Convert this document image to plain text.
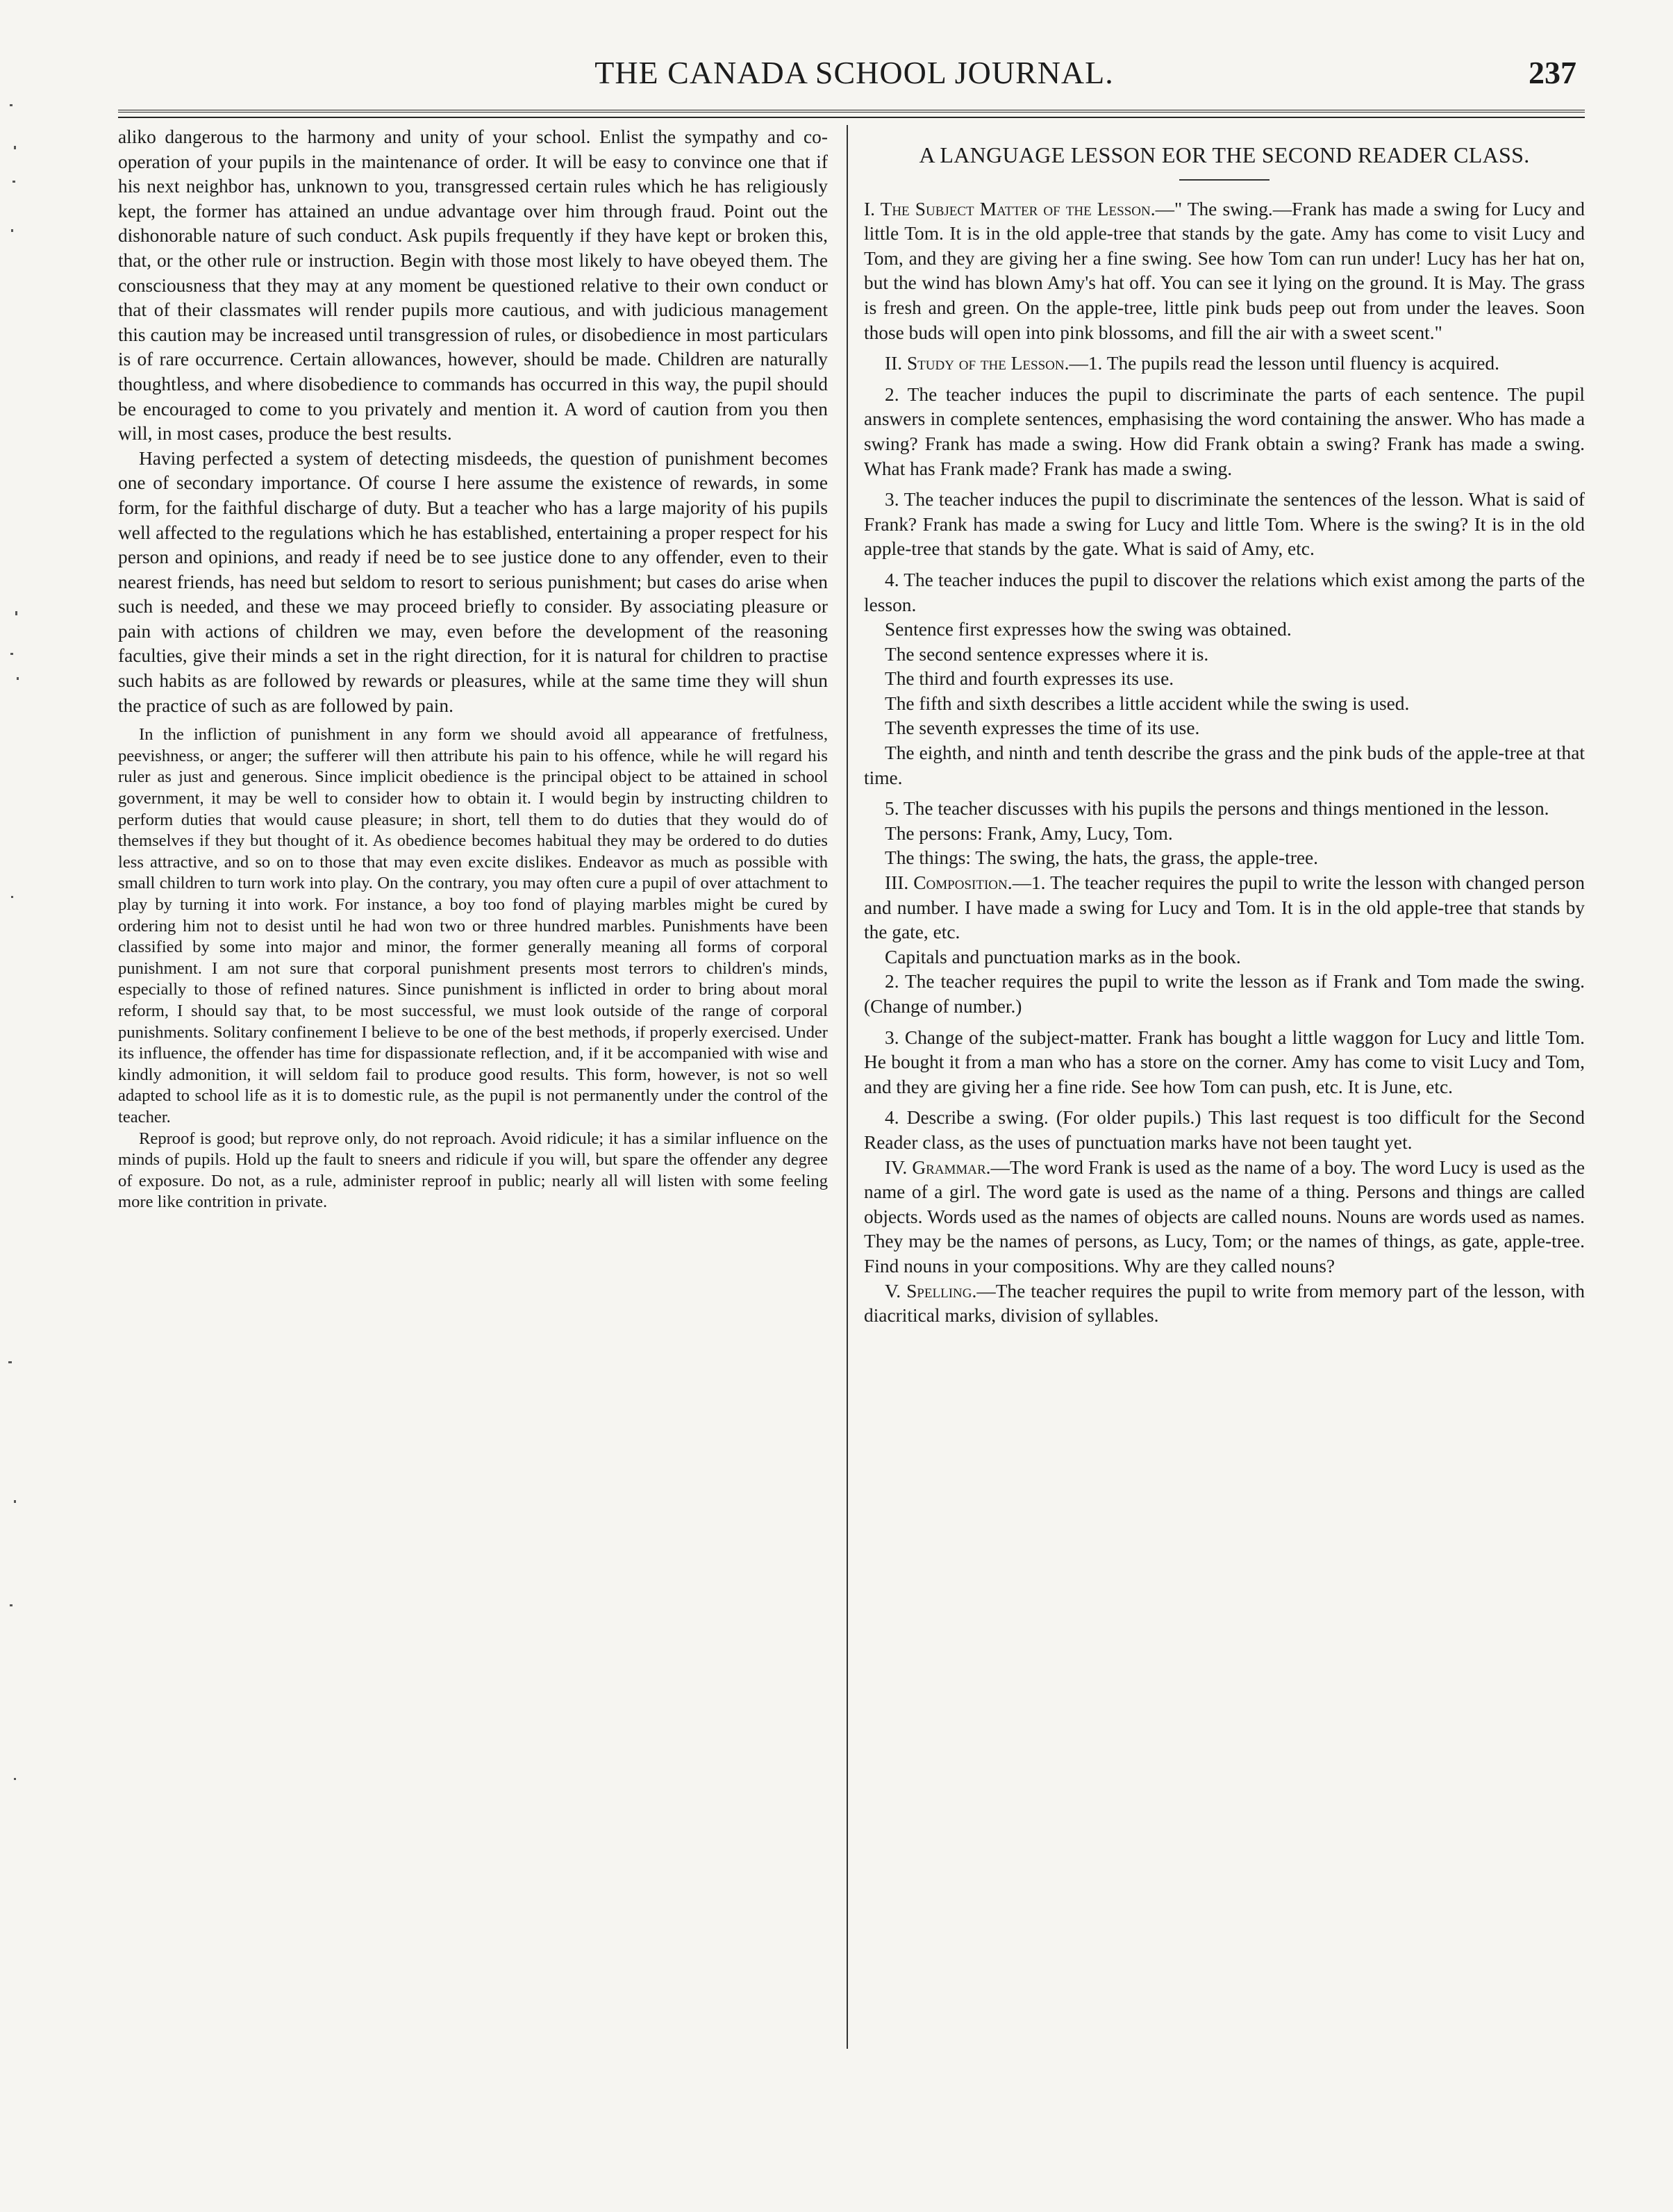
THE CANADA SCHOOL JOURNAL.	237

aliko dangerous to the harmony and unity of your school. Enlist the sympathy and co-operation of your pupils in the maintenance of order. It will be easy to convince one that if his next neighbor has, unknown to you, transgressed certain rules which he has religiously kept, the former has attained an undue advantage over him through fraud. Point out the dishonorable nature of such conduct. Ask pupils frequently if they have kept or broken this, that, or the other rule or instruction. Begin with those most likely to have obeyed them. The consciousness that they may at any moment be questioned relative to their own conduct or that of their classmates will render pupils more cautious, and with judicious management this caution may be increased until transgression of rules, or disobedience in most particulars is of rare occurrence. Certain allowances, however, should be made. Children are naturally thoughtless, and where disobedience to commands has occurred in this way, the pupil should be encouraged to come to you privately and mention it. A word of caution from you then will, in most cases, produce the best results.

Having perfected a system of detecting misdeeds, the question of punishment becomes one of secondary importance. Of course I here assume the existence of rewards, in some form, for the faithful discharge of duty. But a teacher who has a large majority of his pupils well affected to the regulations which he has established, entertaining a proper respect for his person and opinions, and ready if need be to see justice done to any offender, even to their nearest friends, has need but seldom to resort to serious punishment; but cases do arise when such is needed, and these we may proceed briefly to consider. By associating pleasure or pain with actions of children we may, even before the development of the reasoning faculties, give their minds a set in the right direction, for it is natural for children to practise such habits as are followed by rewards or pleasures, while at the same time they will shun the practice of such as are followed by pain.

In the infliction of punishment in any form we should avoid all appearance of fretfulness, peevishness, or anger; the sufferer will then attribute his pain to his offence, while he will regard his ruler as just and generous. Since implicit obedience is the principal object to be attained in school government, it may be well to consider how to obtain it. I would begin by instructing children to perform duties that would cause pleasure; in short, tell them to do duties that they would do of themselves if they but thought of it. As obedience becomes habitual they may be ordered to do duties less attractive, and so on to those that may even excite dislikes. Endeavor as much as possible with small children to turn work into play. On the contrary, you may often cure a pupil of over attachment to play by turning it into work. For instance, a boy too fond of playing marbles might be cured by ordering him not to desist until he had won two or three hundred marbles. Punishments have been classified by some into major and minor, the former generally meaning all forms of corporal punishment. I am not sure that corporal punishment presents most terrors to children's minds, especially to those of refined natures. Since punishment is inflicted in order to bring about moral reform, I should say that, to be most successful, we must look outside of the range of corporal punishments. Solitary confinement I believe to be one of the best methods, if properly exercised. Under its influence, the offender has time for dispassionate reflection, and, if it be accompanied with wise and kindly admonition, it will seldom fail to produce good results. This form, however, is not so well adapted to school life as it is to domestic rule, as the pupil is not permanently under the control of the teacher.

Reproof is good; but reprove only, do not reproach. Avoid ridicule; it has a similar influence on the minds of pupils. Hold up the fault to sneers and ridicule if you will, but spare the offender any degree of exposure. Do not, as a rule, administer reproof in public; nearly all will listen with some feeling more like contrition in private.

A LANGUAGE LESSON EOR THE SECOND READER CLASS.

I. The Subject Matter of the Lesson.—" The swing.—Frank has made a swing for Lucy and little Tom. It is in the old apple-tree that stands by the gate. Amy has come to visit Lucy and Tom, and they are giving her a fine swing. See how Tom can run under! Lucy has her hat on, but the wind has blown Amy's hat off. You can see it lying on the ground. It is May. The grass is fresh and green. On the apple-tree, little pink buds peep out from under the leaves. Soon those buds will open into pink blossoms, and fill the air with a sweet scent."

II. Study of the Lesson.—1. The pupils read the lesson until fluency is acquired.

2. The teacher induces the pupil to discriminate the parts of each sentence. The pupil answers in complete sentences, emphasising the word containing the answer. Who has made a swing? Frank has made a swing. How did Frank obtain a swing? Frank has made a swing. What has Frank made? Frank has made a swing.

3. The teacher induces the pupil to discriminate the sentences of the lesson. What is said of Frank? Frank has made a swing for Lucy and little Tom. Where is the swing? It is in the old apple-tree that stands by the gate. What is said of Amy, etc.

4. The teacher induces the pupil to discover the relations which exist among the parts of the lesson.

Sentence first expresses how the swing was obtained.

The second sentence expresses where it is.

The third and fourth expresses its use.

The fifth and sixth describes a little accident while the swing is used.

The seventh expresses the time of its use.

The eighth, and ninth and tenth describe the grass and the pink buds of the apple-tree at that time.

5. The teacher discusses with his pupils the persons and things mentioned in the lesson.

The persons: Frank, Amy, Lucy, Tom.

The things: The swing, the hats, the grass, the apple-tree.

III. Composition.—1. The teacher requires the pupil to write the lesson with changed person and number. I have made a swing for Lucy and Tom. It is in the old apple-tree that stands by the gate, etc.

Capitals and punctuation marks as in the book.

2. The teacher requires the pupil to write the lesson as if Frank and Tom made the swing. (Change of number.)

3. Change of the subject-matter. Frank has bought a little waggon for Lucy and little Tom. He bought it from a man who has a store on the corner. Amy has come to visit Lucy and Tom, and they are giving her a fine ride. See how Tom can push, etc. It is June, etc.

4. Describe a swing. (For older pupils.) This last request is too difficult for the Second Reader class, as the uses of punctuation marks have not been taught yet.

IV. Grammar.—The word Frank is used as the name of a boy. The word Lucy is used as the name of a girl. The word gate is used as the name of a thing. Persons and things are called objects. Words used as the names of objects are called nouns. Nouns are words used as names. They may be the names of persons, as Lucy, Tom; or the names of things, as gate, apple-tree. Find nouns in your compositions. Why are they called nouns?

V. Spelling.—The teacher requires the pupil to write from memory part of the lesson, with diacritical marks, division of syllables.
